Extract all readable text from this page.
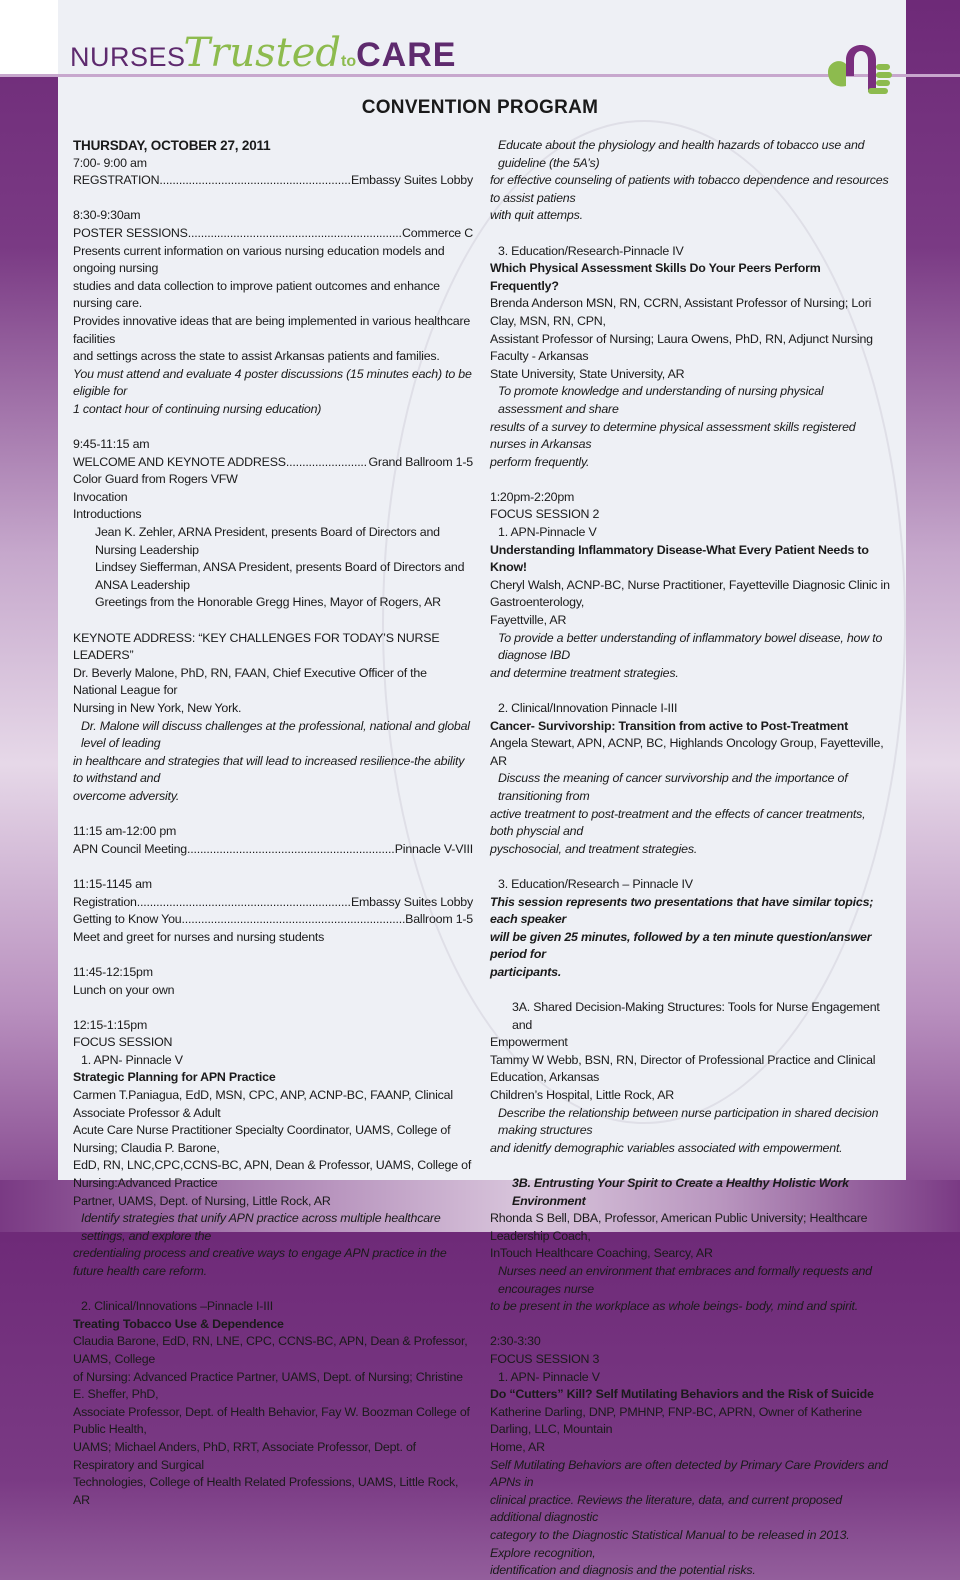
NURSESTrustedtoCARE
CONVENTION PROGRAM

THURSDAY, OCTOBER 27, 2011

7:00- 9:00 am

REGSTRATION .....	Embassy Suites Lobby

8:30-9:30am

POSTER SESSIONS .....	Commerce C

Presents current information on various nursing education models and ongoing nursing

studies and data collection to improve patient outcomes and enhance nursing care.

Provides innovative ideas that are being implemented in various healthcare facilities

and settings across the state to assist Arkansas patients and families.

You must attend and evaluate 4 poster discussions (15 minutes each) to be eligible for

1 contact hour of continuing nursing education)

9:45-11:15 am

WELCOME AND KEYNOTE ADDRESS .....	Grand Ballroom 1-5

Color Guard from Rogers VFW

Invocation

Introductions

Jean K. Zehler, ARNA President, presents Board of Directors and Nursing Leadership

Lindsey Siefferman, ANSA President, presents Board of Directors and ANSA Leadership

Greetings from the Honorable Gregg Hines, Mayor of Rogers, AR

KEYNOTE ADDRESS: “KEY CHALLENGES FOR TODAY’S NURSE LEADERS”

Dr. Beverly Malone, PhD, RN, FAAN, Chief Executive Officer of the National League for

Nursing in New York, New York.

Dr. Malone will discuss challenges at the professional, national and global level of leading

in healthcare and strategies that will lead to increased resilience-the ability to withstand and

overcome adversity.

11:15 am-12:00 pm

APN Council Meeting .....	Pinnacle V-VIII

11:15-1145 am

Registration .....	Embassy Suites Lobby
Getting to Know You .....	Ballroom 1-5

Meet and greet for nurses and nursing students

11:45-12:15pm

Lunch on your own

12:15-1:15pm

FOCUS SESSION

1. APN- Pinnacle V

Strategic Planning for APN Practice

Carmen T.Paniagua, EdD, MSN, CPC, ANP, ACNP-BC, FAANP, Clinical Associate Professor & Adult

Acute Care Nurse Practitioner Specialty Coordinator, UAMS, College of Nursing; Claudia P. Barone,

EdD, RN, LNC,CPC,CCNS-BC, APN, Dean & Professor, UAMS, College of Nursing:Advanced Practice

Partner, UAMS, Dept. of Nursing, Little Rock, AR

Identify strategies that unify APN practice across multiple healthcare settings, and explore the

credentialing process and creative ways to engage APN practice in the future health care reform.

2. Clinical/Innovations –Pinnacle I-III

Treating Tobacco Use & Dependence

Claudia Barone, EdD, RN, LNE, CPC, CCNS-BC, APN, Dean & Professor, UAMS, College

of Nursing: Advanced Practice Partner, UAMS, Dept. of Nursing; Christine E. Sheffer, PhD,

Associate Professor, Dept. of Health Behavior, Fay W. Boozman College of Public Health,

UAMS; Michael Anders, PhD, RRT, Associate Professor, Dept. of Respiratory and Surgical

Technologies, College of Health Related Professions, UAMS, Little Rock, AR

Educate about the physiology and health hazards of tobacco use and guideline (the 5A’s)

for effective counseling of patients with tobacco dependence and resources to assist patiens

with quit attemps.

3. Education/Research-Pinnacle IV

Which Physical Assessment Skills Do Your Peers Perform Frequently?

Brenda Anderson MSN, RN, CCRN, Assistant Professor of Nursing; Lori Clay, MSN, RN, CPN,

Assistant Professor of Nursing; Laura Owens, PhD, RN, Adjunct Nursing Faculty - Arkansas

State University, State University, AR

To promote knowledge and understanding of nursing physical assessment and share

results of a survey to determine physical assessment skills registered nurses in Arkansas

perform frequently.

1:20pm-2:20pm

FOCUS SESSION 2

1. APN-Pinnacle V

Understanding Inflammatory Disease-What Every Patient Needs to Know!

Cheryl Walsh, ACNP-BC, Nurse Practitioner, Fayetteville Diagnosic Clinic in Gastroenterology,

Fayettville, AR

To provide a better understanding of inflammatory bowel disease, how to diagnose IBD

and determine treatment strategies.

2. Clinical/Innovation Pinnacle I-III

Cancer- Survivorship: Transition from active to Post-Treatment

Angela Stewart, APN, ACNP, BC, Highlands Oncology Group, Fayetteville, AR

Discuss the meaning of cancer survivorship and the importance of transitioning from

active treatment to post-treatment and the effects of cancer treatments, both physcial and

pyschosocial, and treatment strategies.

3. Education/Research – Pinnacle IV

This session represents two presentations that have similar topics; each speaker

will be given 25 minutes, followed by a ten minute question/answer period for

participants.

3A. Shared Decision-Making Structures: Tools for Nurse Engagement and

Empowerment

Tammy W Webb, BSN, RN, Director of Professional Practice and Clinical Education, Arkansas

Children’s Hospital, Little Rock, AR

Describe the relationship between nurse participation in shared decision making structures

and idenitfy demographic variables associated with empowerment.

3B. Entrusting Your Spirit to Create a Healthy Holistic Work Environment

Rhonda S Bell, DBA, Professor, American Public University; Healthcare Leadership Coach,

InTouch Healthcare Coaching, Searcy, AR

Nurses need an environment that embraces and formally requests and encourages nurse

to be present in the workplace as whole beings- body, mind and spirit.

2:30-3:30

FOCUS SESSION 3

1. APN- Pinnacle V

Do “Cutters” Kill? Self Mutilating Behaviors and the Risk of Suicide

Katherine Darling, DNP, PMHNP, FNP-BC, APRN, Owner of Katherine Darling, LLC, Mountain

Home, AR

Self Mutilating Behaviors are often detected by Primary Care Providers and APNs in

clinical practice. Reviews the literature, data, and current proposed additional diagnostic

category to the Diagnostic Statistical Manual to be released in 2013. Explore recognition,

identification and diagnosis and the potential risks.
